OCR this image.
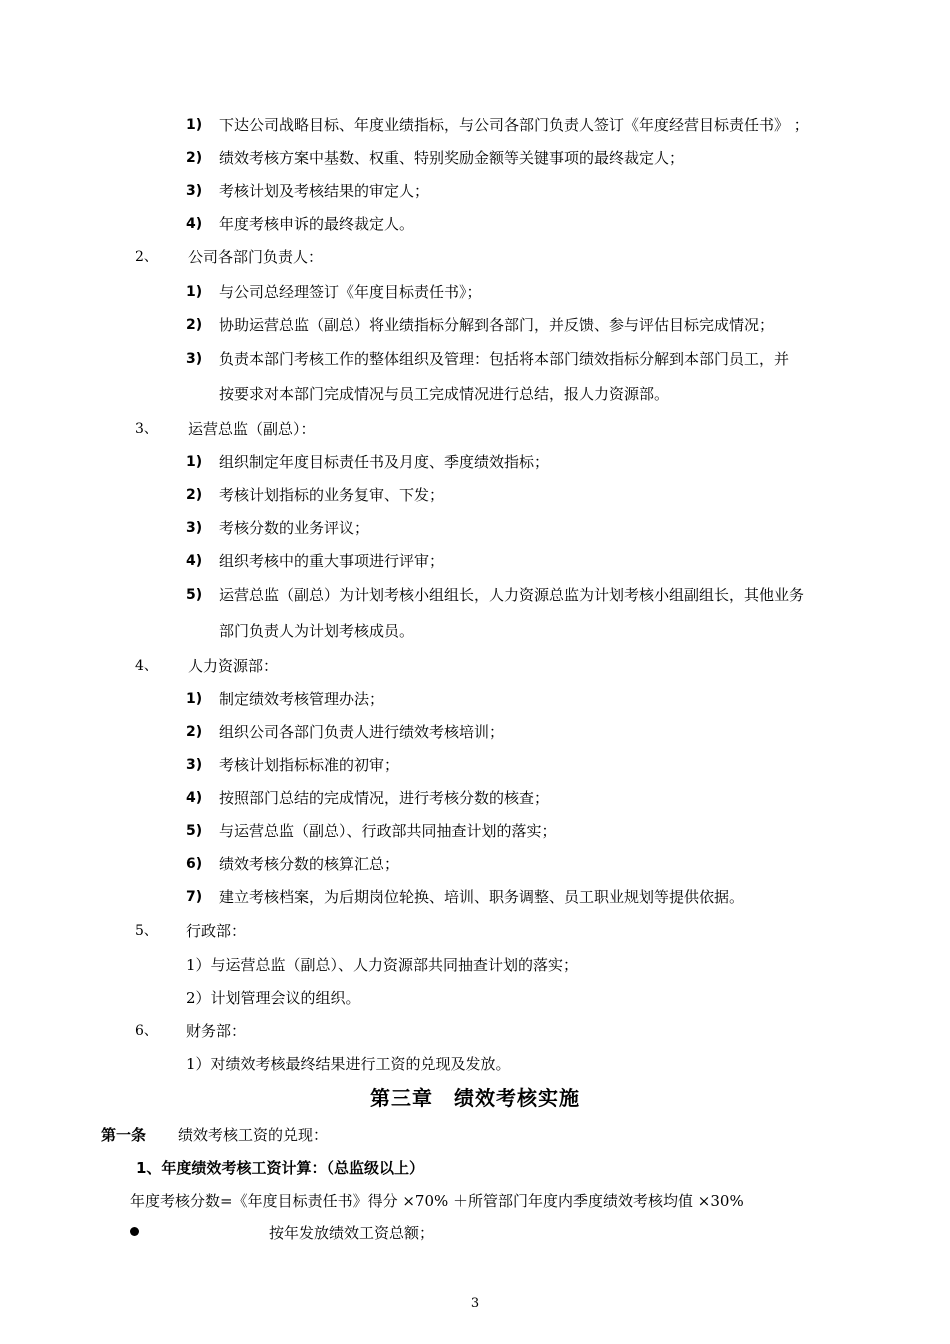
1) 下达公司战略目标、年度业绩指标，与公司各部门负责人签订《年度经营目标责任书》 ；
2) 绩效考核方案中基数、权重、特别奖励金额等关键事项的最终裁定人；
3) 考核计划及考核结果的审定人；
4) 年度考核申诉的最终裁定人。
2、 公司各部门负责人：
1) 与公司总经理签订《年度目标责任书》；
2) 协助运营总监（副总）将业绩指标分解到各部门，并反馈、参与评估目标完成情况；
3) 负责本部门考核工作的整体组织及管理：包括将本部门绩效指标分解到本部门员工，并
按要求对本部门完成情况与员工完成情况进行总结，报人力资源部。
3、 运营总监（副总）：
1) 组织制定年度目标责任书及月度、季度绩效指标；
2) 考核计划指标的业务复审、下发；
3) 考核分数的业务评议；
4) 组织考核中的重大事项进行评审；
5) 运营总监（副总）为计划考核小组组长，人力资源总监为计划考核小组副组长，其他业务
部门负责人为计划考核成员。
4、 人力资源部：
1) 制定绩效考核管理办法；
2) 组织公司各部门负责人进行绩效考核培训；
3) 考核计划指标标准的初审；
4) 按照部门总结的完成情况，进行考核分数的核查；
5) 与运营总监（副总）、行政部共同抽查计划的落实；
6) 绩效考核分数的核算汇总；
7) 建立考核档案，为后期岗位轮换、培训、职务调整、员工职业规划等提供依据。
5、 行政部：
1）与运营总监（副总）、人力资源部共同抽查计划的落实；
2）计划管理会议的组织。
6、 财务部：
1）对绩效考核最终结果进行工资的兑现及发放。
第三章　绩效考核实施
第一条 绩效考核工资的兑现：
1、年度绩效考核工资计算：（总监级以上）
年度考核分数=《年度目标责任书》得分 ×70% ＋所管部门年度内季度绩效考核均值 ×30%
按年发放绩效工资总额；
3
